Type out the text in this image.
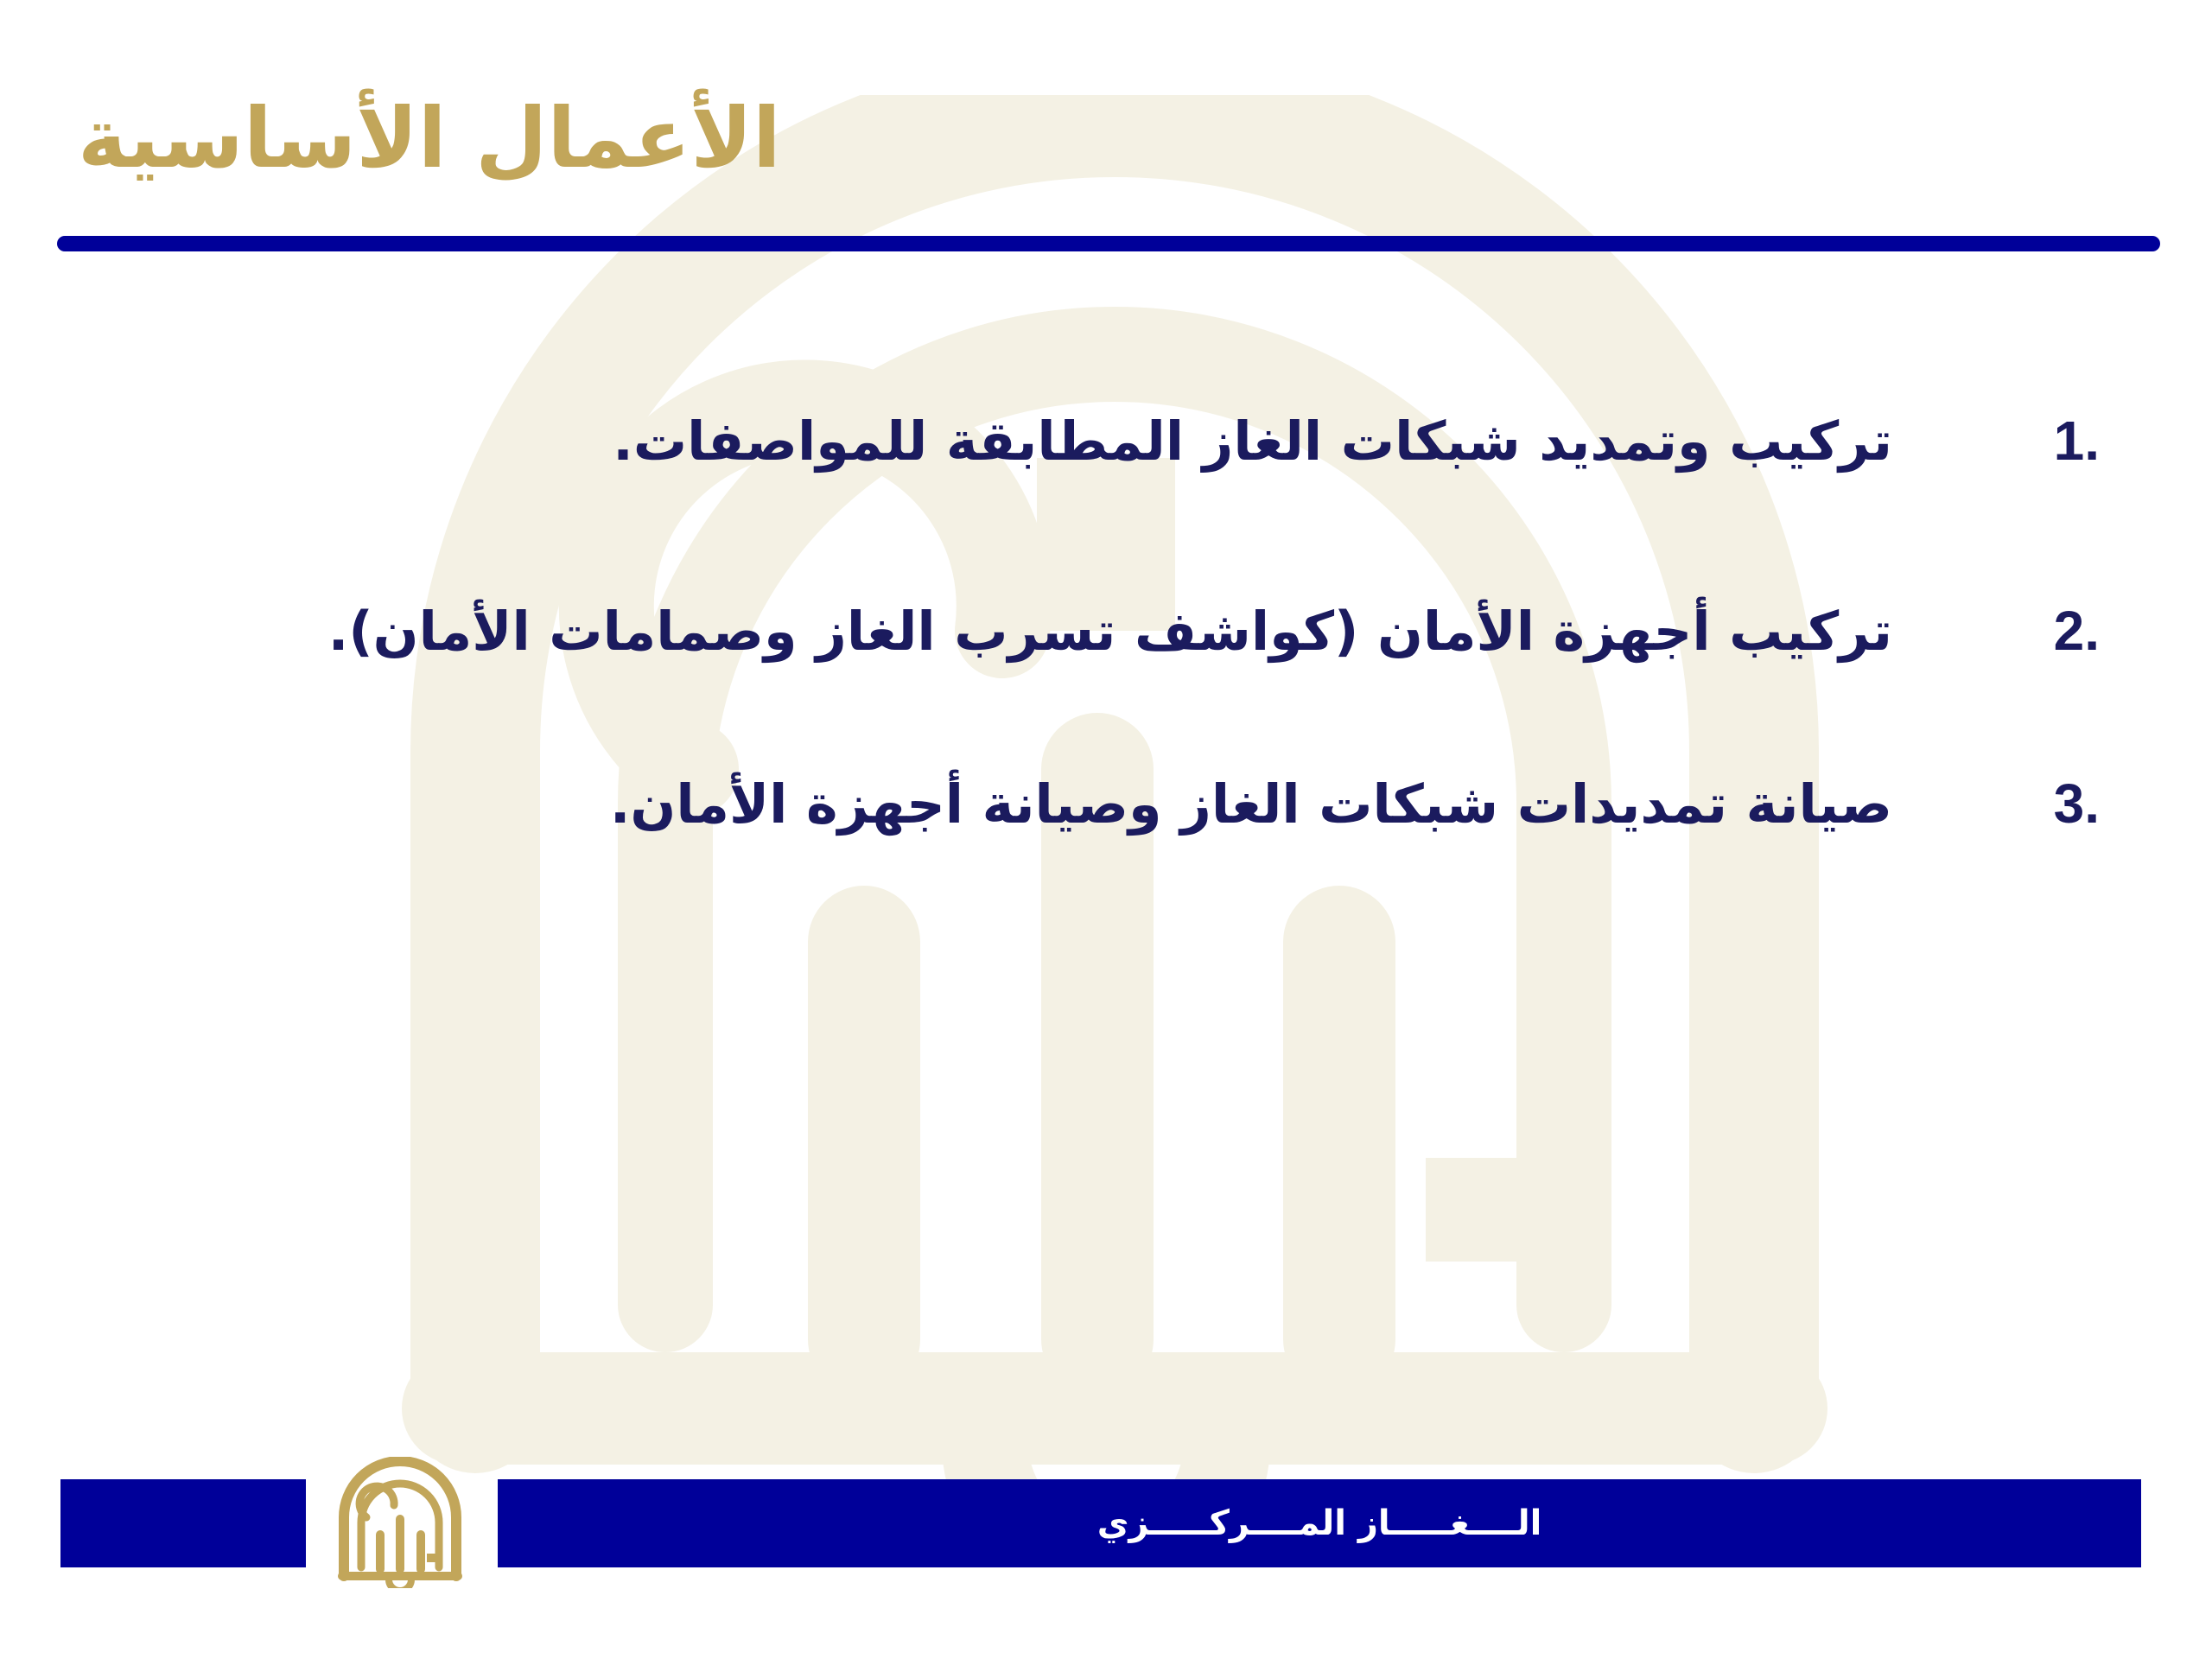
الأعمال الأساسية
1.
تركيب وتمديد شبكات الغاز المطابقة للمواصفات.
2.
تركيب أجهزة الأمان (كواشف تسرب الغاز وصمامات الأمان).
3.
صيانة تمديدات شبكات الغاز وصيانة أجهزة الأمان.
الــــغـــــاز المــــركـــــزي
